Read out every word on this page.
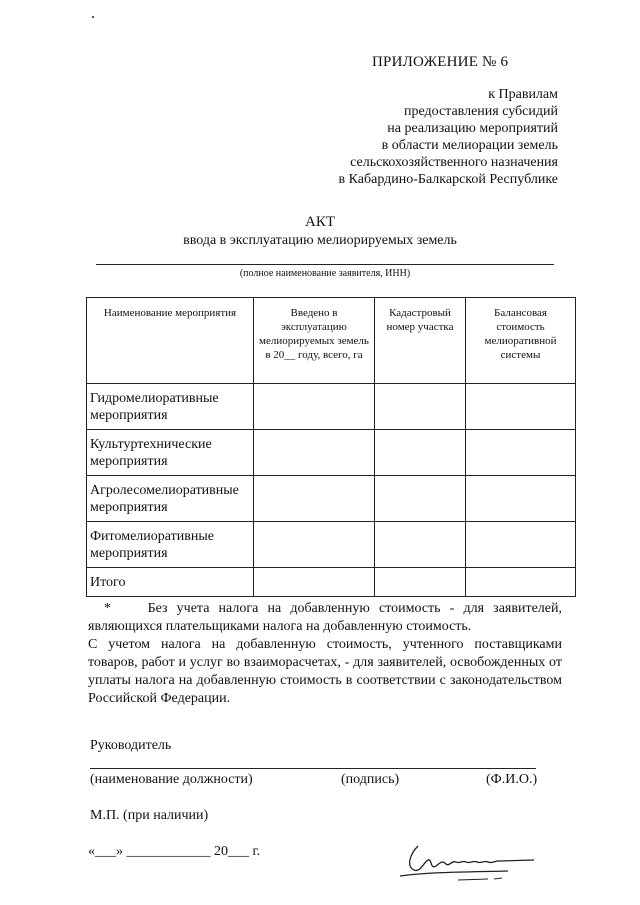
ПРИЛОЖЕНИЕ № 6
к Правилам
предоставления субсидий
на реализацию мероприятий
в области мелиорации земель
сельскохозяйственного назначения
в Кабардино-Балкарской Республике
АКТ
ввода в эксплуатацию мелиорируемых земель
(полное наименование заявителя, ИНН)
Наименование мероприятия	Введено в эксплуатацию мелиорируемых земель в 20__ году, всего, га	Кадастровый номер участка	Балансовая стоимость мелиоративной системы
Гидромелиоративные мероприятия			
Культуртехнические мероприятия			
Агролесомелиоративные мероприятия			
Фитомелиоративные мероприятия			
Итого			
*	Без учета налога на добавленную стоимость - для заявителей, являющихся плательщиками налога на добавленную стоимость.
С учетом налога на добавленную стоимость, учтенного поставщиками товаров, работ и услуг во взаиморасчетах, - для заявителей, освобожденных от уплаты налога на добавленную стоимость в соответствии с законодательством Российской Федерации.
Руководитель
(наименование должности)	(подпись)	(Ф.И.О.)
М.П. (при наличии)
«___» ____________ 20___ г.
